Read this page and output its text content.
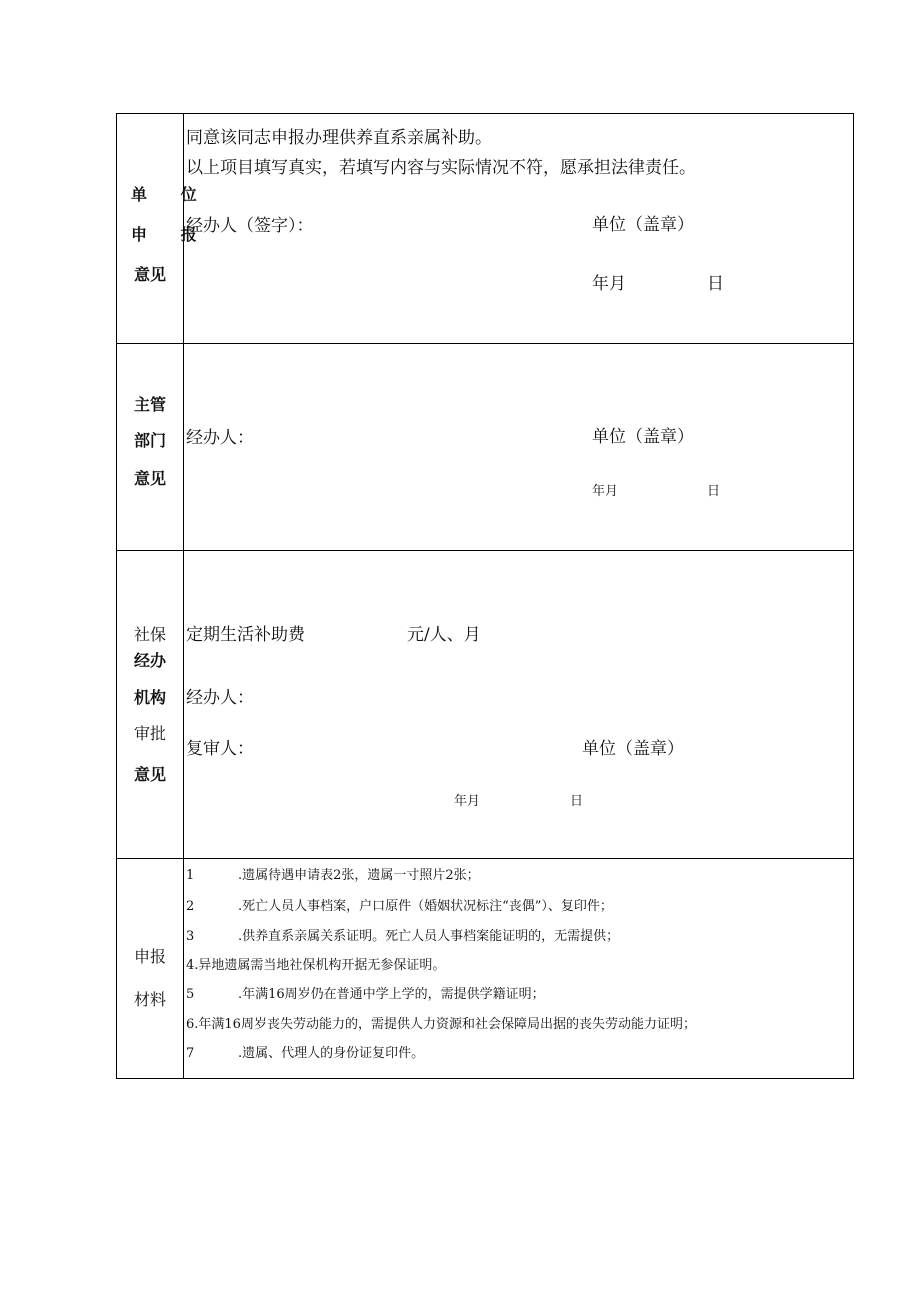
单 位
申 报
意见
同意该同志申报办理供养直系亲属补助。
以上项目填写真实，若填写内容与实际情况不符，愿承担法律责任。
经办人（签字）：	单位（盖章）
年月	日
主管
部门
意见
经办人：	单位（盖章）
年月	日
社保
经办
机构
审批
意见
定期生活补助费	元/人、月
经办人：
复审人：	单位（盖章）
年月	日
申报
材料
1	.遗属待遇申请表2张，遗属一寸照片2张；
2	.死亡人员人事档案，户口原件（婚姻状况标注“丧偶”）、复印件；
3	.供养直系亲属关系证明。死亡人员人事档案能证明的，无需提供；
4.异地遗属需当地社保机构开据无参保证明。
5	.年满16周岁仍在普通中学上学的，需提供学籍证明；
6.年满16周岁丧失劳动能力的，需提供人力资源和社会保障局出据的丧失劳动能力证明；
7	.遗属、代理人的身份证复印件。
